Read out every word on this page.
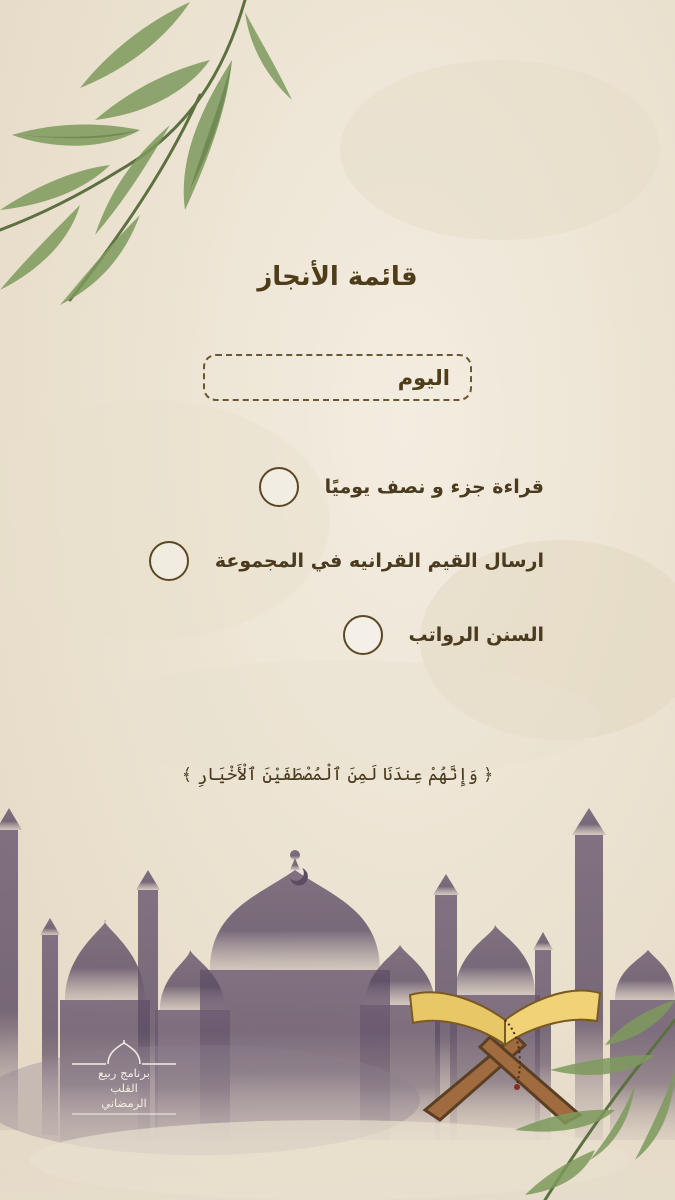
قائمة الأنجاز
اليوم
قراءة جزء و نصف يوميًا
ارسال القيم القرانيه في المجموعة
السنن الرواتب
﴿ وَإِنَّهُمْ عِندَنَا لَمِنَ ٱلْمُصْطَفَيْنَ ٱلْأَخْيَارِ ﴾
برنامج ربيع
القلب
الرمضاني
